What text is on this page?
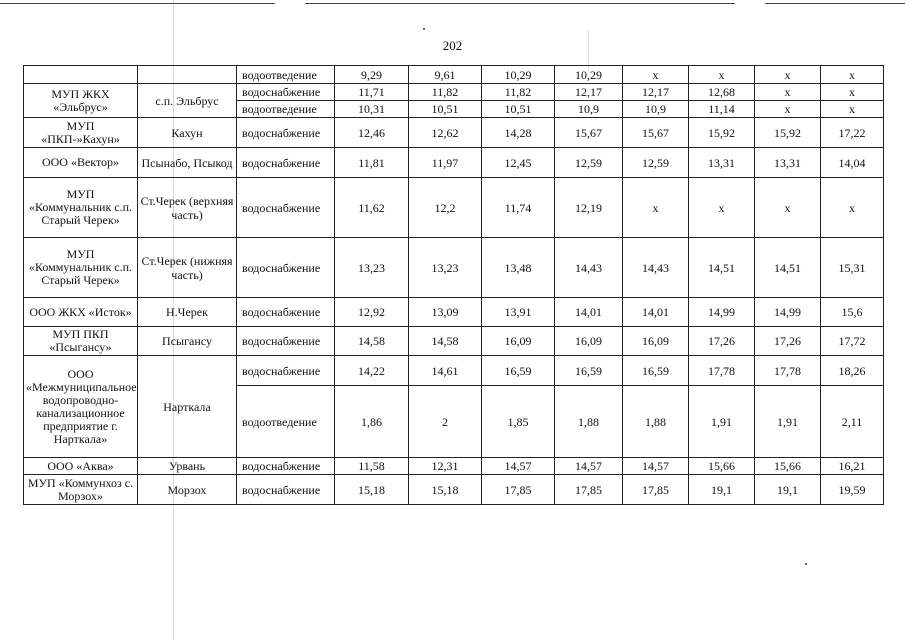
202
		водоотведение	9,29	9,61	10,29	10,29	x	x	x	x
МУП ЖКХ «Эльбрус»	с.п. Эльбрус	водоснабжение	11,71	11,82	11,82	12,17	12,17	12,68	x	x
		водоотведение	10,31	10,51	10,51	10,9	10,9	11,14	x	x
МУП «ПКП-»Кахун»	Кахун	водоснабжение	12,46	12,62	14,28	15,67	15,67	15,92	15,92	17,22
ООО «Вектор»	Псынабо, Псыкод	водоснабжение	11,81	11,97	12,45	12,59	12,59	13,31	13,31	14,04
МУП «Коммунальник с.п. Старый Черек»	Ст.Черек (верхняя часть)	водоснабжение	11,62	12,2	11,74	12,19	x	x	x	x
МУП «Коммунальник с.п. Старый Черек»	Ст.Черек (нижняя часть)	водоснабжение	13,23	13,23	13,48	14,43	14,43	14,51	14,51	15,31
ООО ЖКХ «Исток»	Н.Черек	водоснабжение	12,92	13,09	13,91	14,01	14,01	14,99	14,99	15,6
МУП ПКП «Псыгансу»	Псыгансу	водоснабжение	14,58	14,58	16,09	16,09	16,09	17,26	17,26	17,72
ООО «Межмуниципальное водопроводно-канализационное предприятие г. Нарткала»	Нарткала	водоснабжение	14,22	14,61	16,59	16,59	16,59	17,78	17,78	18,26
		водоотведение	1,86	2	1,85	1,88	1,88	1,91	1,91	2,11
ООО «Аква»	Урвань	водоснабжение	11,58	12,31	14,57	14,57	14,57	15,66	15,66	16,21
МУП «Коммунхоз с. Морзох»	Морзох	водоснабжение	15,18	15,18	17,85	17,85	17,85	19,1	19,1	19,59
